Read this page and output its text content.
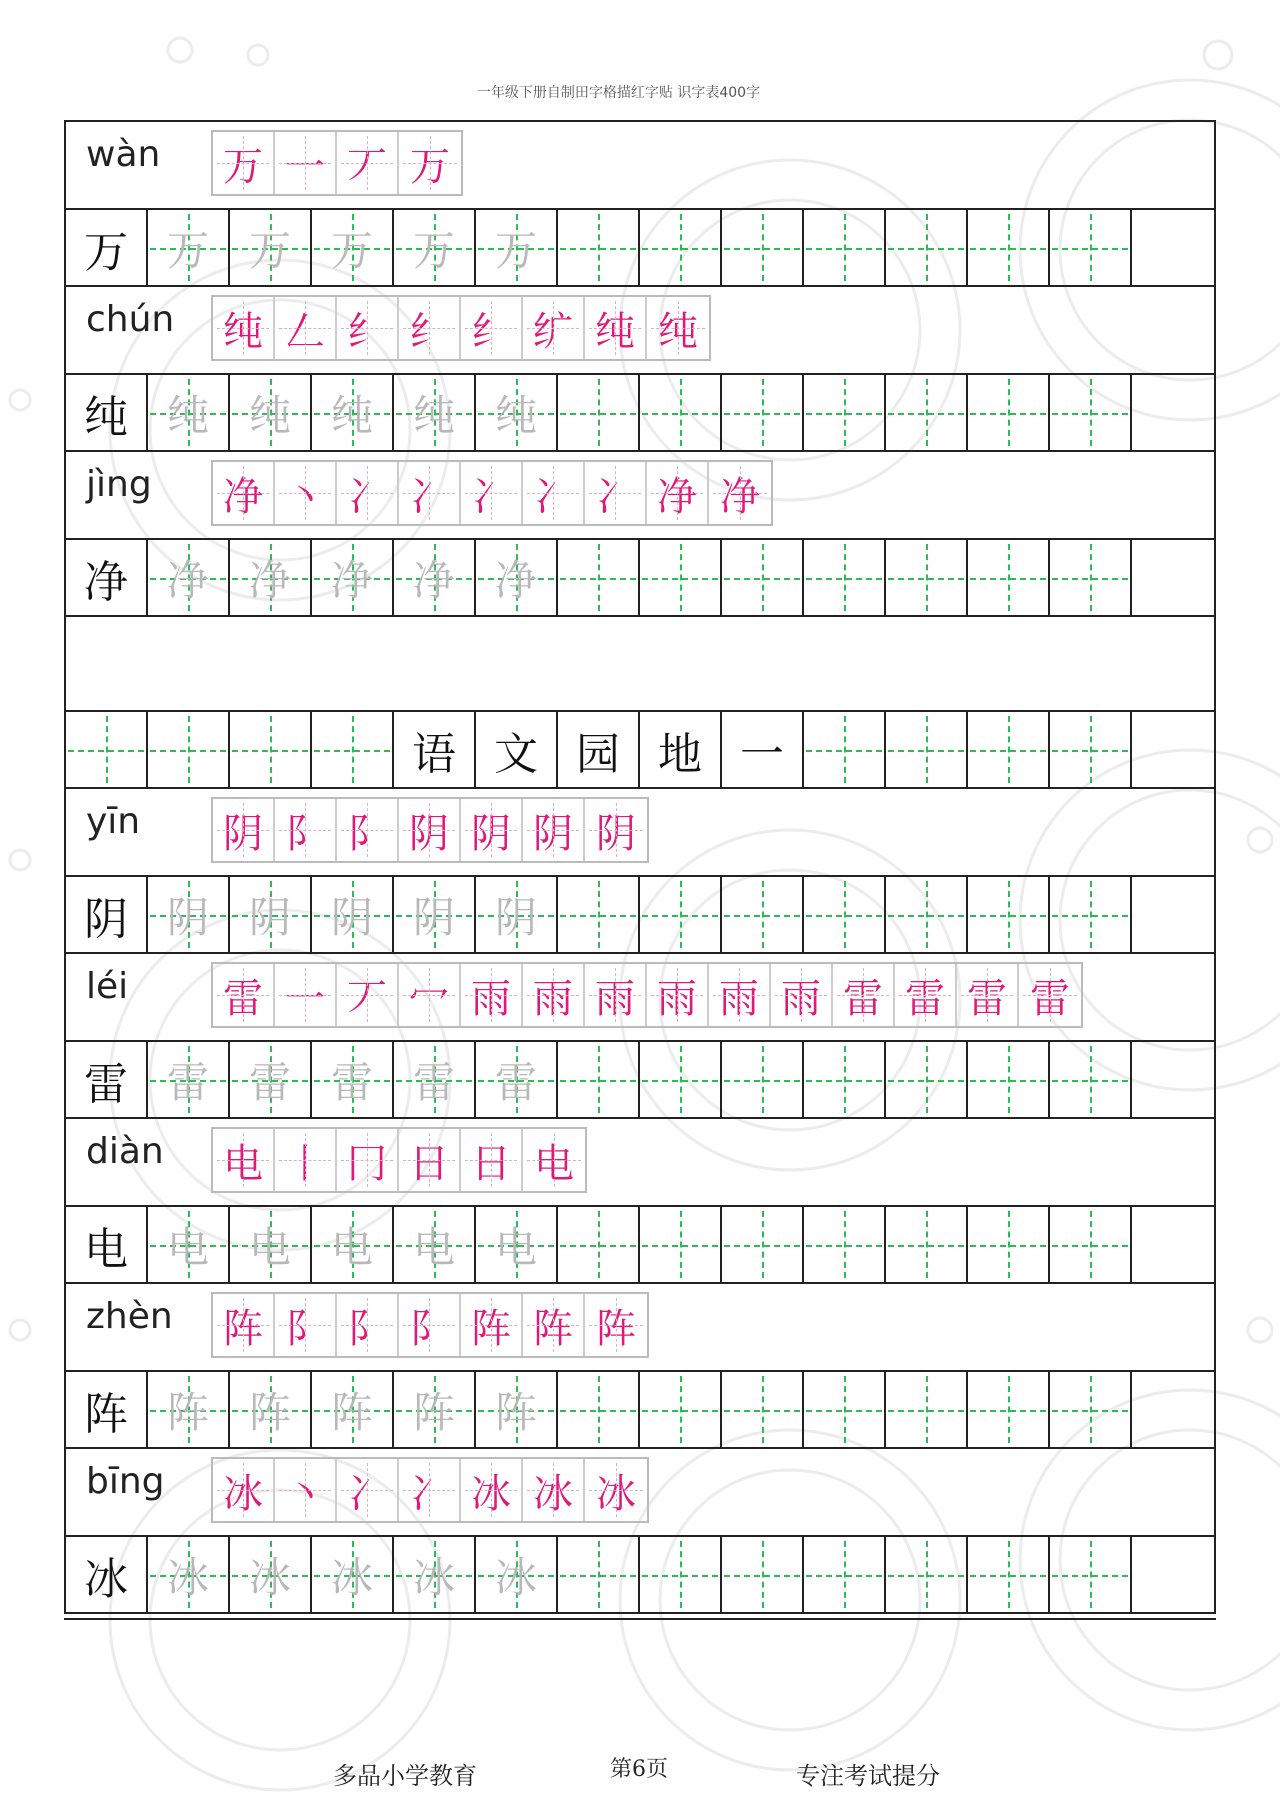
一年级下册自制田字格描红字贴 识字表400字
wàn 万 一 丆 万
万 万 万 万 万 万
chún 纯 𠃋 纟 纟 纟 纩 纯 纯
纯 纯 纯 纯 纯 纯
jìng 净 丶 冫 冫 冫 冫 冫 净 净
净 净 净 净 净 净
语 文 园 地 一
yīn 阴 阝 阝 阴 阴 阴 阴
阴 阴 阴 阴 阴 阴
léi 雷 一 丆 冖 雨 雨 雨 雨 雨 雨 雷 雷 雷 雷
雷 雷 雷 雷 雷 雷
diàn 电 丨 冂 日 日 电
电 电 电 电 电 电
zhèn 阵 阝 阝 阝 阵 阵 阵
阵 阵 阵 阵 阵 阵
bīng 冰 丶 冫 冫 冰 冰 冰
冰 冰 冰 冰 冰 冰
多品小学教育	第6页	专注考试提分
